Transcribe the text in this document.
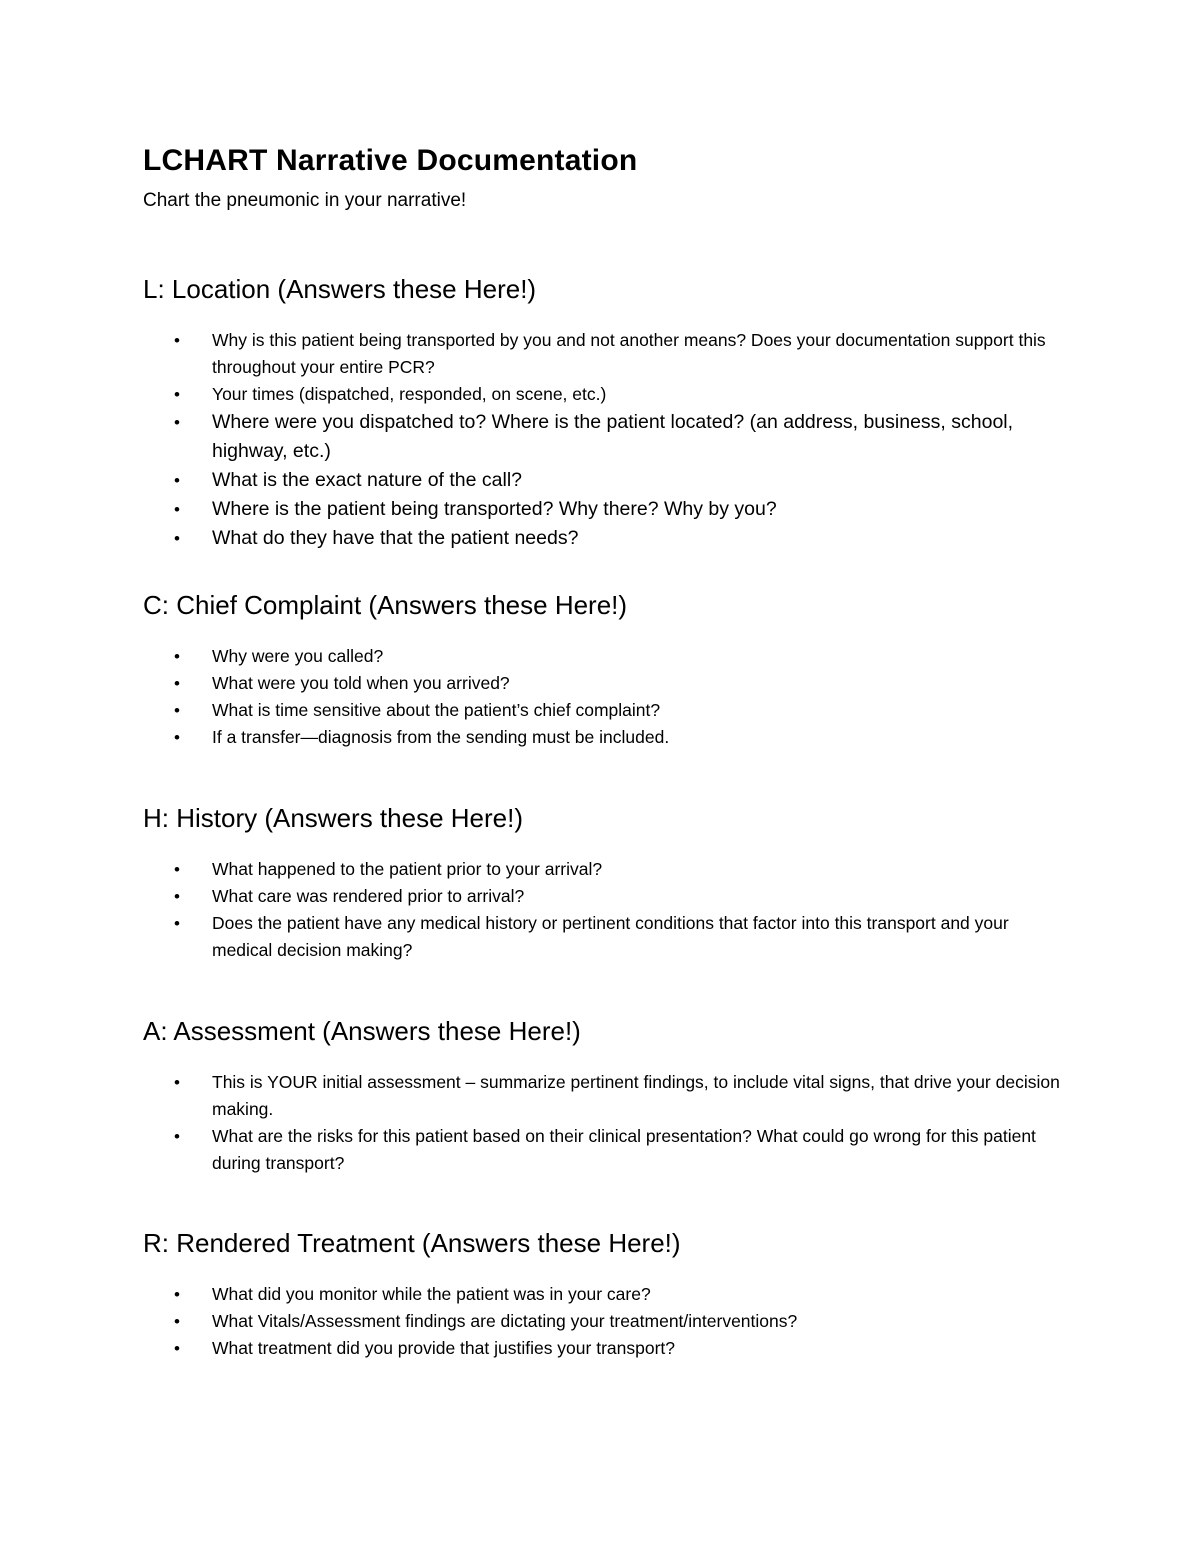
LCHART Narrative Documentation

Chart the pneumonic in your narrative!

L: Location (Answers these Here!)
• Why is this patient being transported by you and not another means? Does your documentation support this throughout your entire PCR?
• Your times (dispatched, responded, on scene, etc.)
• Where were you dispatched to? Where is the patient located? (an address, business, school, highway, etc.)
• What is the exact nature of the call?
• Where is the patient being transported? Why there? Why by you?
• What do they have that the patient needs?
C: Chief Complaint (Answers these Here!)
• Why were you called?
• What were you told when you arrived?
• What is time sensitive about the patient’s chief complaint?
• If a transfer—diagnosis from the sending must be included.
H: History (Answers these Here!)
• What happened to the patient prior to your arrival?
• What care was rendered prior to arrival?
• Does the patient have any medical history or pertinent conditions that factor into this transport and your medical decision making?
A: Assessment (Answers these Here!)
• This is YOUR initial assessment – summarize pertinent findings, to include vital signs, that drive your decision making.
• What are the risks for this patient based on their clinical presentation? What could go wrong for this patient during transport?
R: Rendered Treatment (Answers these Here!)
• What did you monitor while the patient was in your care?
• What Vitals/Assessment findings are dictating your treatment/interventions?
• What treatment did you provide that justifies your transport?
